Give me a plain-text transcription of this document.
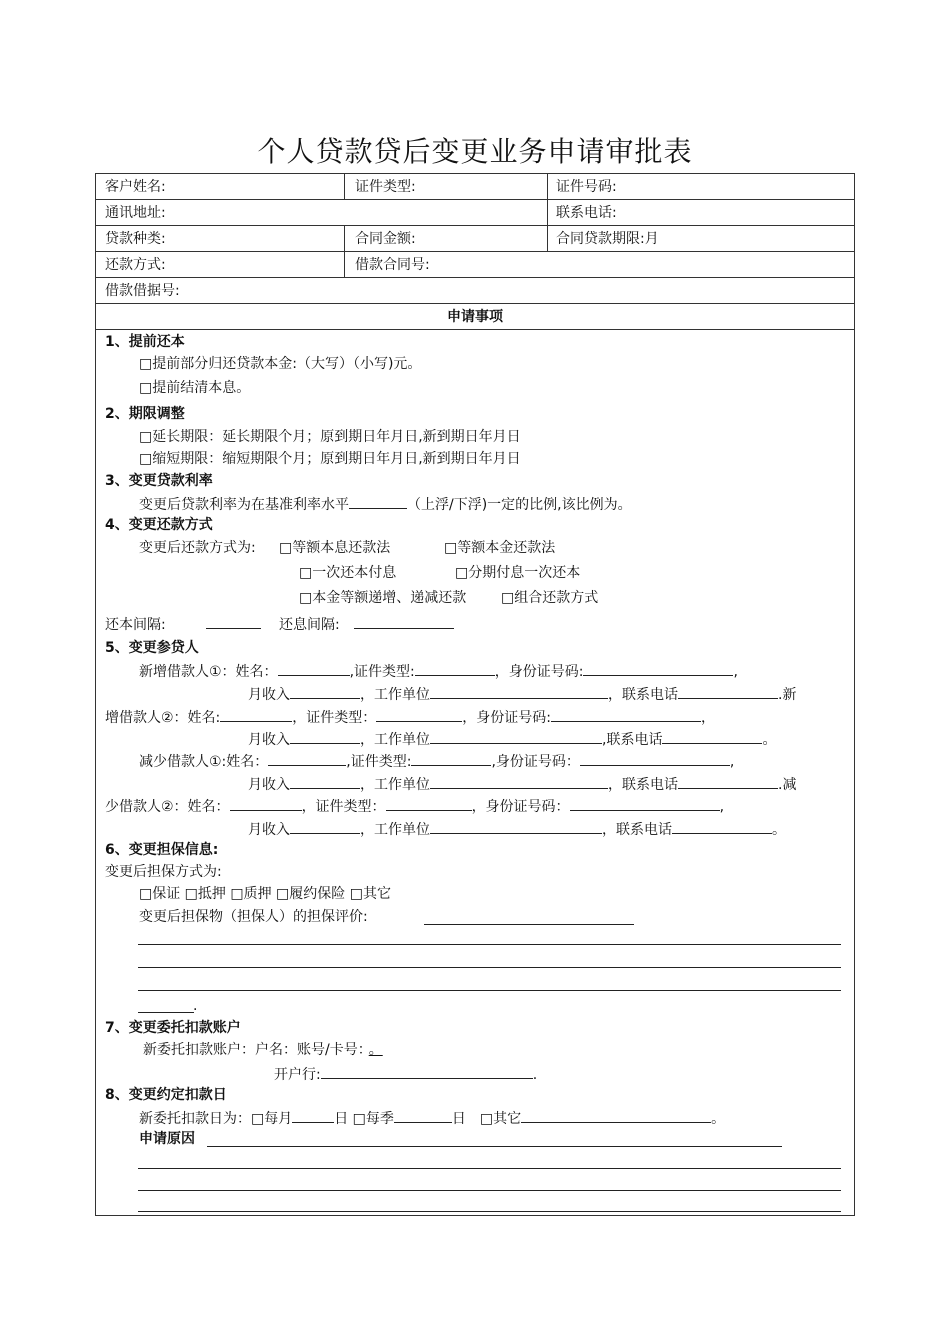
个人贷款贷后变更业务申请审批表
客户姓名:	证件类型:	证件号码:
通讯地址:	联系电话:
贷款种类:	合同金额:	合同贷款期限:月
还款方式:	借款合同号:
借款借据号:
申请事项
1、提前还本
□提前部分归还贷款本金:（大写）（小写)元。
□提前结清本息。
2、期限调整
□延长期限：延长期限个月；原到期日年月日,新到期日年月日
□缩短期限：缩短期限个月；原到期日年月日,新到期日年月日
3、变更贷款利率
变更后贷款利率为在基准利率水平	（上浮/下浮)一定的比例,该比例为。
4、变更还款方式
变更后还款方式为: □等额本息还款法	□等额本金还款法
□一次还本付息	□分期付息一次还本
□本金等额递增、递减还款 □组合还款方式
还本间隔:	还息间隔:
5、变更参贷人
新增借款人①：姓名：	,证件类型:	，身份证号码:	,
月收入	，工作单位	，联系电话	.新
增借款人②：姓名:	，证件类型：	，身份证号码:	，
月收入	，工作单位	,联系电话	。
减少借款人①:姓名：	,证件类型:	,身份证号码：	,
月收入	，工作单位	，联系电话	.减
少借款人②：姓名：	，证件类型：	，身份证号码：	,
月收入	，工作单位	，联系电话	。
6、变更担保信息:
变更后担保方式为:
□保证 □抵押 □质押 □履约保险 □其它
变更后担保物（担保人）的担保评价:
.
7、变更委托扣款账户
新委托扣款账户：户名：账号/卡号： 。
开户行:	.
8、变更约定扣款日
新委托扣款日为：□每月	日 □每季	日　□其它	。
申请原因
